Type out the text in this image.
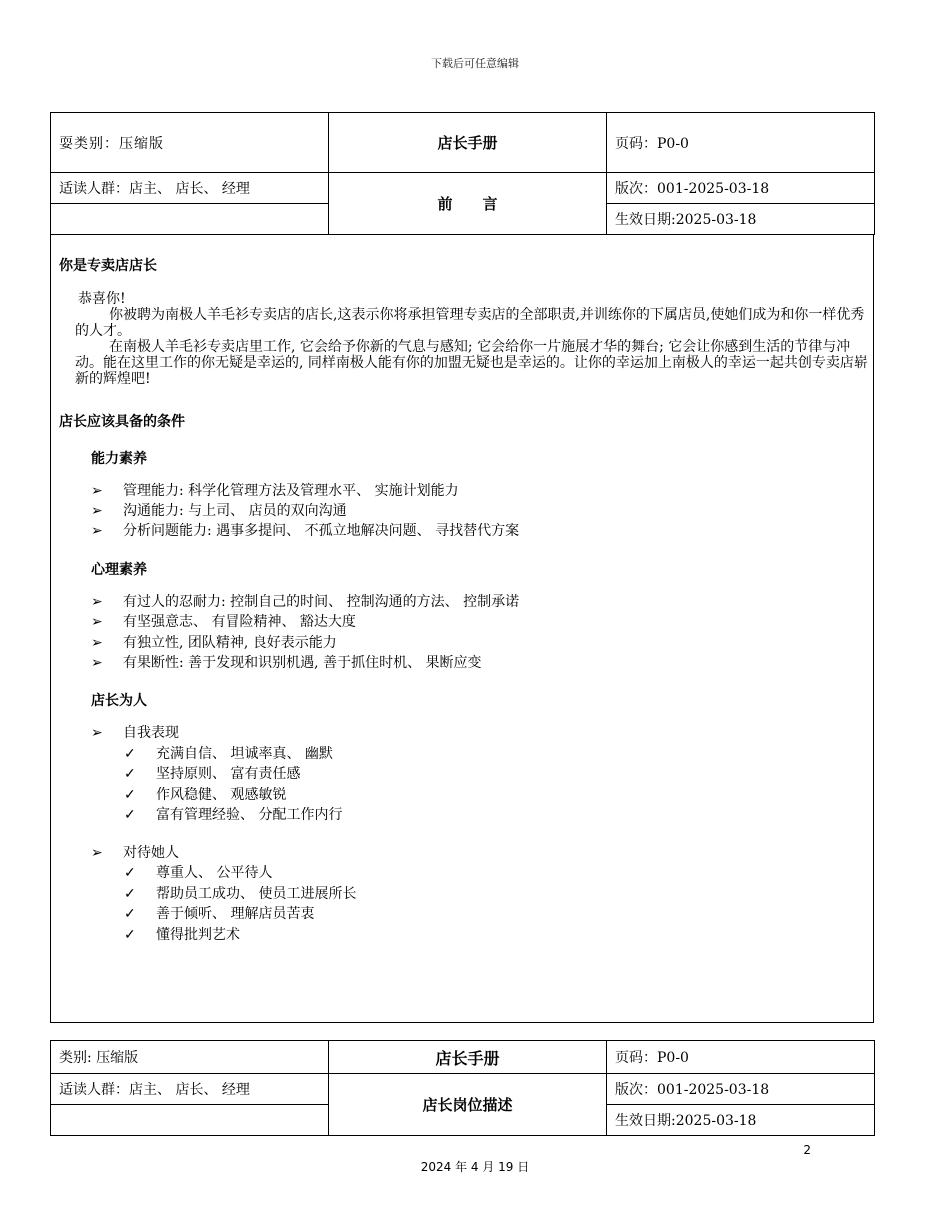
下载后可任意编辑
耍类别：压缩版	店长手册	页码：P0-0
适读人群：店主、 店长、 经理	前　　言	版次：001-2025-03-18
		生效日期:2025-03-18
你是专卖店店长

恭喜你!

你被聘为南极人羊毛衫专卖店的店长,这表示你将承担管理专卖店的全部职责,并训练你的下属店员,使她们成为和你一样优秀的人才。

在南极人羊毛衫专卖店里工作, 它会给予你新的气息与感知; 它会给你一片施展才华的舞台; 它会让你感到生活的节律与冲动。能在这里工作的你无疑是幸运的, 同样南极人能有你的加盟无疑也是幸运的。让你的幸运加上南极人的幸运一起共创专卖店崭新的辉煌吧!

店长应该具备的条件
能力素养
➢ 管理能力: 科学化管理方法及管理水平、 实施计划能力
➢ 沟通能力: 与上司、 店员的双向沟通
➢ 分析问题能力: 遇事多提问、 不孤立地解决问题、 寻找替代方案
心理素养
➢ 有过人的忍耐力: 控制自己的时间、 控制沟通的方法、 控制承诺
➢ 有坚强意志、 有冒险精神、 豁达大度
➢ 有独立性, 团队精神, 良好表示能力
➢ 有果断性: 善于发现和识别机遇, 善于抓住时机、 果断应变
店长为人
➢ 自我表现
✓ 充满自信、 坦诚率真、 幽默
✓ 坚持原则、 富有责任感
✓ 作风稳健、 观感敏锐
✓ 富有管理经验、 分配工作内行
➢ 对待她人
✓ 尊重人、 公平待人
✓ 帮助员工成功、 使员工进展所长
✓ 善于倾听、 理解店员苦衷
✓ 懂得批判艺术
类别: 压缩版	店长手册	页码：P0-0
适读人群：店主、 店长、 经理	店长岗位描述	版次：001-2025-03-18
		生效日期:2025-03-18
2
2024 年 4 月 19 日
